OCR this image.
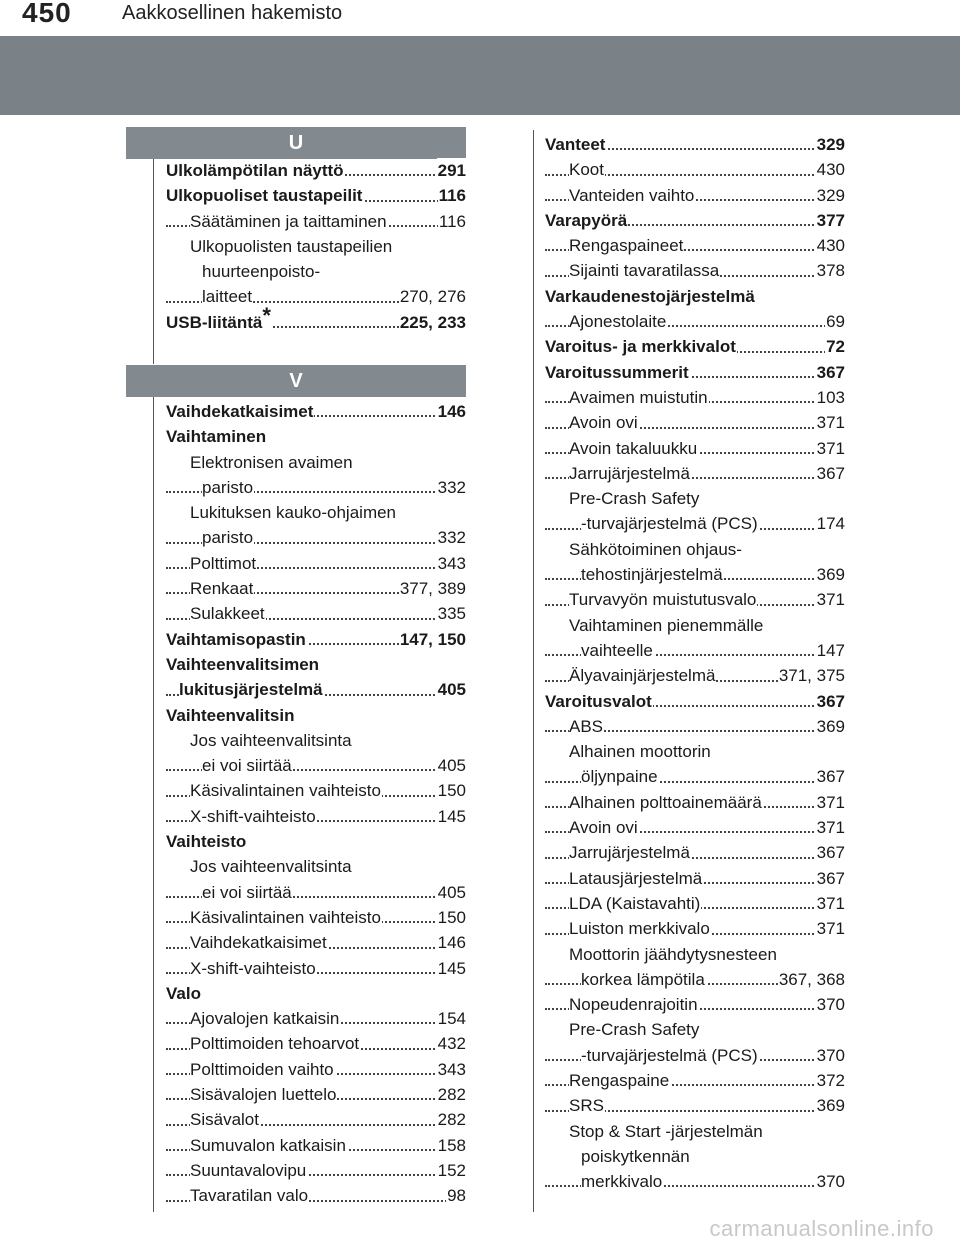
450	Aakkosellinen hakemisto
U
Ulkolämpötilan näyttö	291
Ulkopuoliset taustapeilit	116
Säätäminen ja taittaminen	116
Ulkopuolisten taustapeilien
huurteenpoisto-
laitteet	270, 276
USB-liitäntä*	225, 233
V
Vaihdekatkaisimet	146
Vaihtaminen
Elektronisen avaimen
paristo	332
Lukituksen kauko-ohjaimen
paristo	332
Polttimot	343
Renkaat	377, 389
Sulakkeet	335
Vaihtamisopastin	147, 150
Vaihteenvalitsimen
lukitusjärjestelmä	405
Vaihteenvalitsin
Jos vaihteenvalitsinta
ei voi siirtää	405
Käsivalintainen vaihteisto	150
X-shift-vaihteisto	145
Vaihteisto
Jos vaihteenvalitsinta
ei voi siirtää	405
Käsivalintainen vaihteisto	150
Vaihdekatkaisimet	146
X-shift-vaihteisto	145
Valo
Ajovalojen katkaisin	154
Polttimoiden tehoarvot	432
Polttimoiden vaihto	343
Sisävalojen luettelo	282
Sisävalot	282
Sumuvalon katkaisin	158
Suuntavalovipu	152
Tavaratilan valo	98
Vanteet	329
Koot	430
Vanteiden vaihto	329
Varapyörä	377
Rengaspaineet	430
Sijainti tavaratilassa	378
Varkaudenestojärjestelmä
Ajonestolaite	69
Varoitus- ja merkkivalot	72
Varoitussummerit	367
Avaimen muistutin	103
Avoin ovi	371
Avoin takaluukku	371
Jarrujärjestelmä	367
Pre-Crash Safety
-turvajärjestelmä (PCS)	174
Sähkötoiminen ohjaus-
tehostinjärjestelmä	369
Turvavyön muistutusvalo	371
Vaihtaminen pienemmälle
vaihteelle	147
Älyavainjärjestelmä	371, 375
Varoitusvalot	367
ABS	369
Alhainen moottorin
öljynpaine	367
Alhainen polttoainemäärä	371
Avoin ovi	371
Jarrujärjestelmä	367
Latausjärjestelmä	367
LDA (Kaistavahti)	371
Luiston merkkivalo	371
Moottorin jäähdytysnesteen
korkea lämpötila	367, 368
Nopeudenrajoitin	370
Pre-Crash Safety
-turvajärjestelmä (PCS)	370
Rengaspaine	372
SRS	369
Stop & Start -järjestelmän
poiskytkennän
merkkivalo	370
carmanualsonline.info
